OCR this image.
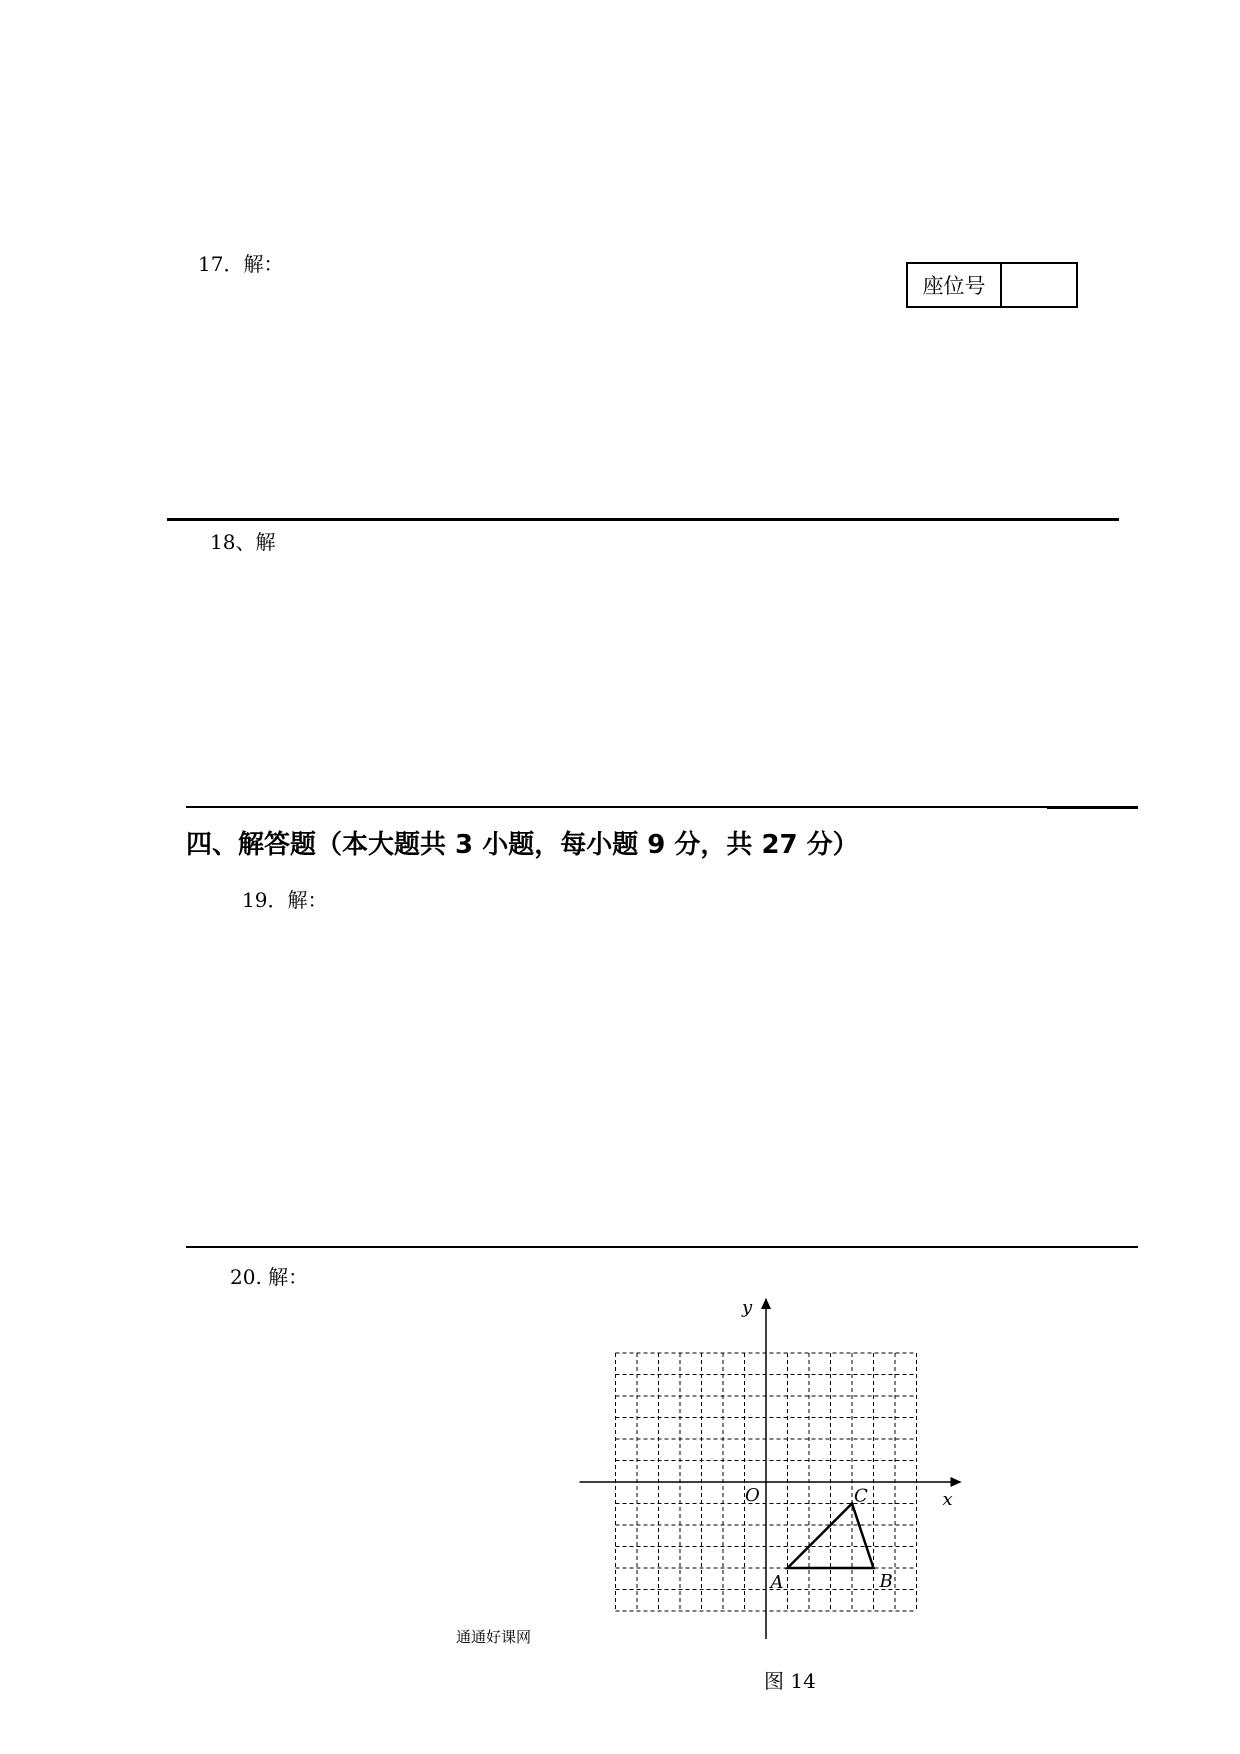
17．解：
座位号
18、解
四、解答题（本大题共 3 小题，每小题 9 分，共 27 分）
19．解：
20. 解：
x
y
O
A	B
C
通通好课网
图 14
